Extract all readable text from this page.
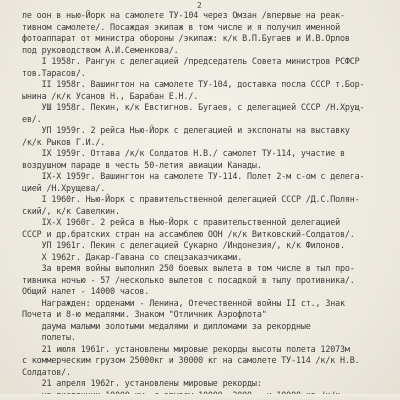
2
ле оон в нью-Йорк на самолете ТУ-104 через Омзан /впервые на реак-
тивном самолете/. Посаждая экипаж в том числе и я получил именной
фотоаппарат от министра обороны /экипаж: к/к В.П.Бугаев и И.В.Орлов
под руководством А.И.Семенкова/.
I 1958г. Рангун с делегацией /председатель Совета министров РСФСР
тов.Тарасов/.
II 1958г. Вашингтон на самолете ТУ-104, доставка посла СССР т.Бор-
ынина /к/к Усанов Н., Барабан Е.Н./.
УШ 1958г. Пекин, к/к Евстигнов. Бугаев, с делегацией СССР /Н.Хрущ-
ев/.
УП 1959г. 2 рейса Нью-Йорк с делегацией и экспонаты на выставку
/к/к Рыков Г.И./.
IX 1959г. Оттава /к/к Солдатов Н.В./ самолет ТУ-114, участие в
воздушном параде в честь 50-летия авиации Канады.
IX-X 1959г. Вашингтон на самолете ТУ-114. Полет 2-м с-ом с делега-
цией /Н.Хрущева/.
I 1960г. Нью-Йорк с правительственной делегацией СССР /Д.С.Полян-
ский/, к/к Савелкин.
IX-X 1960г. 2 рейса в Нью-Йорк с правительственной делегацией
СССР и др.братских стран на ассамблею ООН /к/к Витковский-Солдатов/.
УП 1961г. Пекин с делегацией Сукарно /Индонезия/, к/к Филонов.
X 1962г. Дакар-Гавана со спецзаказчиками.
За время войны выполнил 250 боевых вылета в том числе в тыл про-
тивника ночью - 57 /несколько вылетов с посадкой в тылу противника/.
Общий налет - 14000 часов.
Награжден: орденами - Ленина, Отечественной войны II ст., Знак
Почета и 8-ю медалями. Знаком "Отличник Аэрофлота"
даума малыми золотыми медалями и дипломами за рекордные
полеты.
21 июля 1961г. установлены мировые рекорды высоты полета 12073м
с коммерческим грузом 25000кг и 30000 кг на самолете ТУ-114 /к/к Н.В.
Солдатов/.
21 апреля 1962г. установлены мировые рекорды:
